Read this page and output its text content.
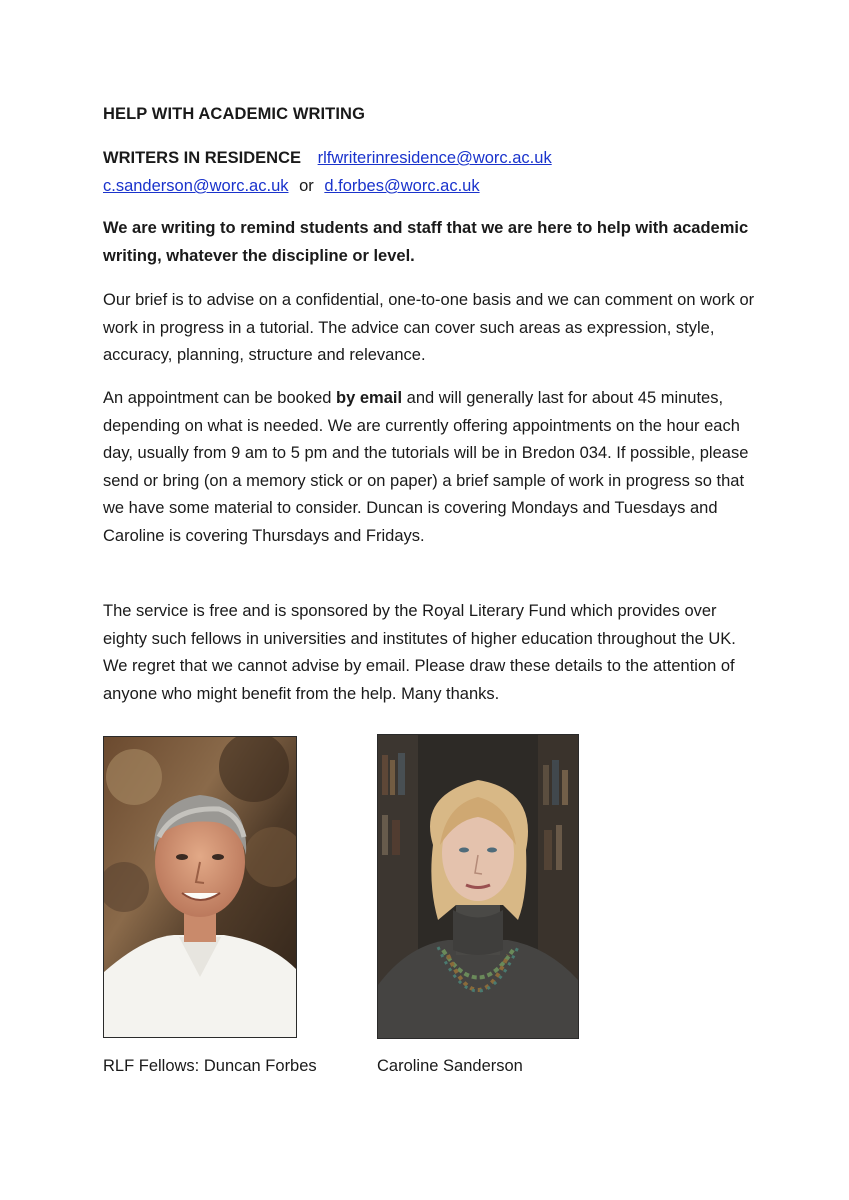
HELP WITH ACADEMIC WRITING
WRITERS IN RESIDENCE rlfwriterinresidence@worc.ac.uk
c.sanderson@worc.ac.uk or d.forbes@worc.ac.uk
We are writing to remind students and staff that we are here to help with academic writing, whatever the discipline or level.
Our brief is to advise on a confidential, one-to-one basis and we can comment on work or work in progress in a tutorial. The advice can cover such areas as expression, style, accuracy, planning, structure and relevance.
An appointment can be booked by email and will generally last for about 45 minutes, depending on what is needed. We are currently offering appointments on the hour each day, usually from 9 am to 5 pm and the tutorials will be in Bredon 034. If possible, please send or bring (on a memory stick or on paper) a brief sample of work in progress so that we have some material to consider. Duncan is covering Mondays and Tuesdays and Caroline is covering Thursdays and Fridays.
The service is free and is sponsored by the Royal Literary Fund which provides over eighty such fellows in universities and institutes of higher education throughout the UK. We regret that we cannot advise by email. Please draw these details to the attention of anyone who might benefit from the help. Many thanks.
RLF Fellows: Duncan Forbes	Caroline Sanderson
